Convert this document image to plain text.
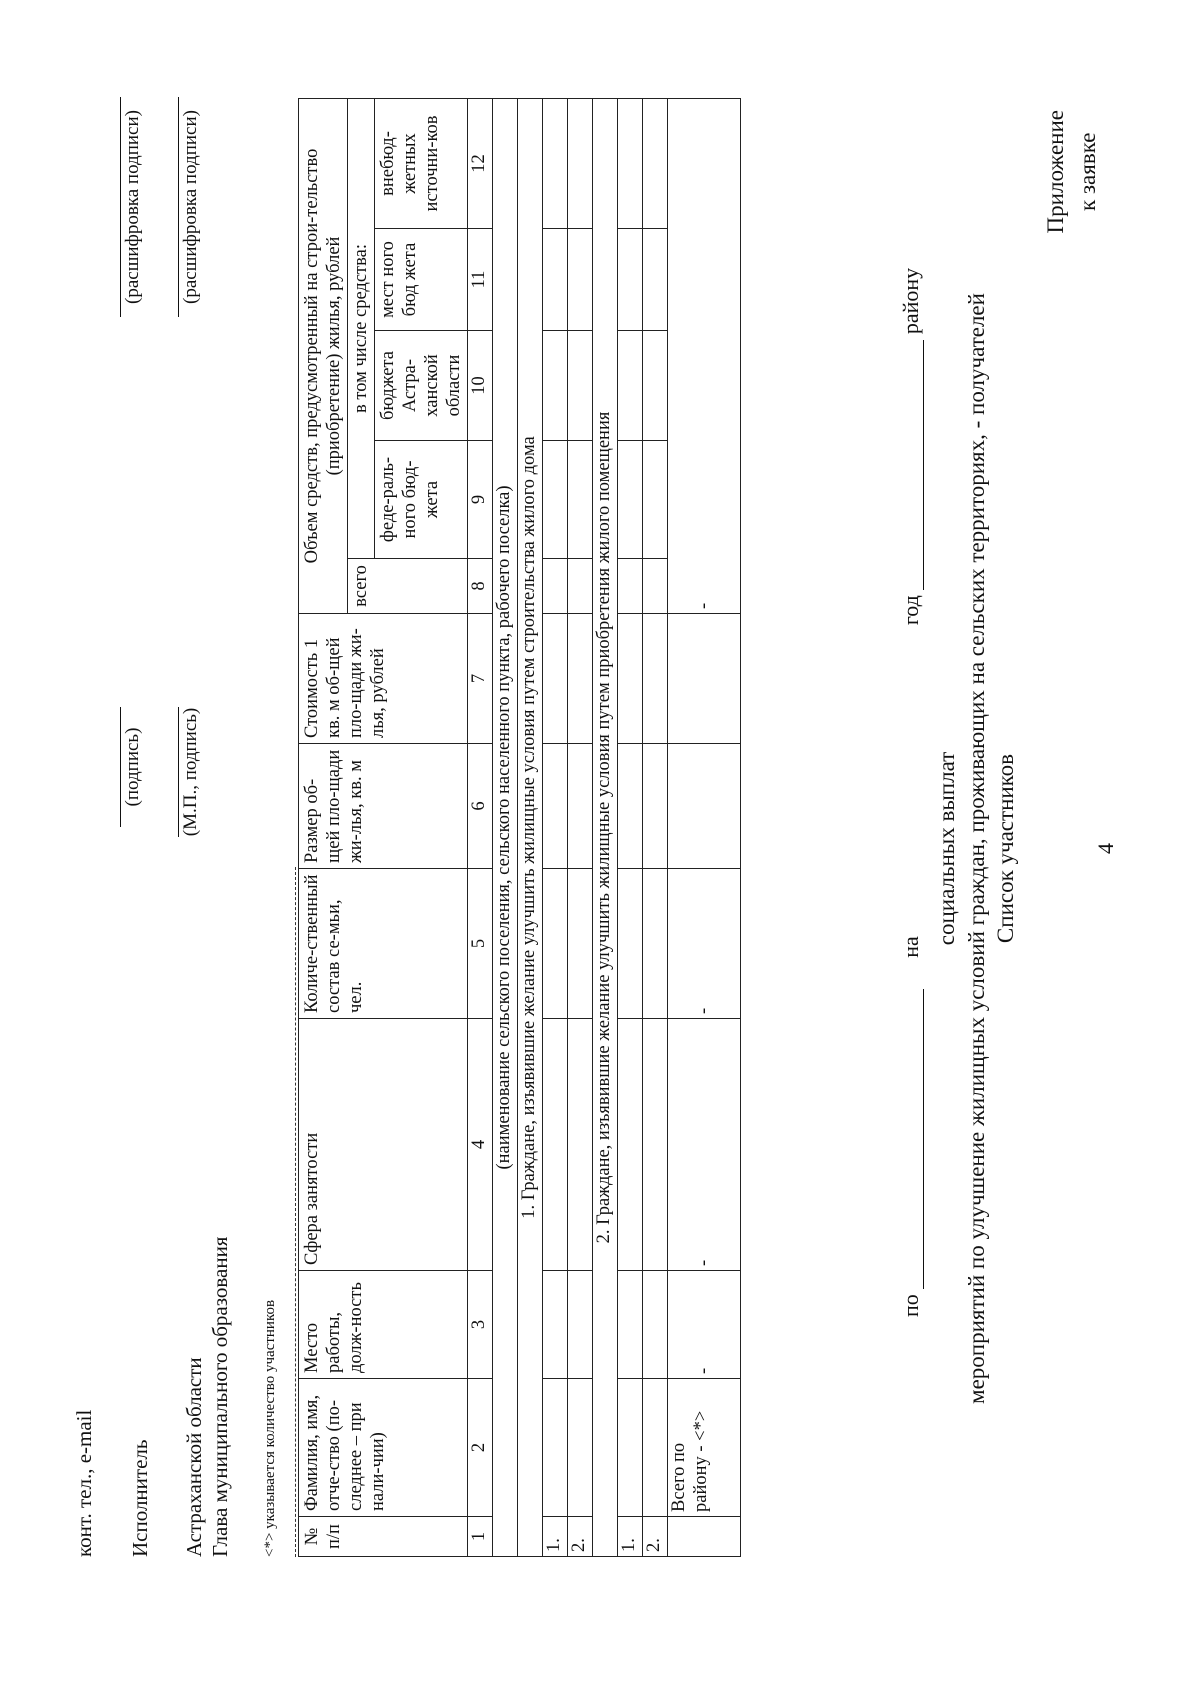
4
Приложение к заявке
Список участников
мероприятий по улучшение жилищных условий граждан, проживающих на сельских территориях, - получателей
социальных выплат
по   на  год  району
№ п/п	Фамилия, имя, отче-ство (по-следнее – при нали-чии)	Место работы, долж-ность	Сфера занятости	Количе-ственный состав се-мьи, чел.	Размер об-щей пло-щади жи-лья, кв. м	Стоимость 1 кв. м об-щей пло-щади жи-лья, рублей	Объем средств, предусмотренный на строи-тельство (приобретение) жилья, рублей				
							всего	в том числе средства:			
								феде-раль-ного бюд-жета	бюджета Астра-ханской области	мест ного бюд жета	внебюд-жетных источни-ков
1	2	3	4	5	6	7	8	9	10	11	12
(наименование сельского поселения, сельского населенного пункта, рабочего поселка)											
1. Граждане, изъявившие желание улучшить жилищные условия путем строительства жилого дома											
1.											
2.											
2. Граждане, изъявившие желание улучшить жилищные условия путем приобретения жилого помещения											
1.											
2.											
	Всего по району - <*>	-	-	-			-				
<*> указывается количество участников
Глава муниципального образования
Астраханской области
(М.П., подпись)
(расшифровка подписи)
Исполнитель
(подпись)
(расшифровка подписи)
конт. тел., e-mail
